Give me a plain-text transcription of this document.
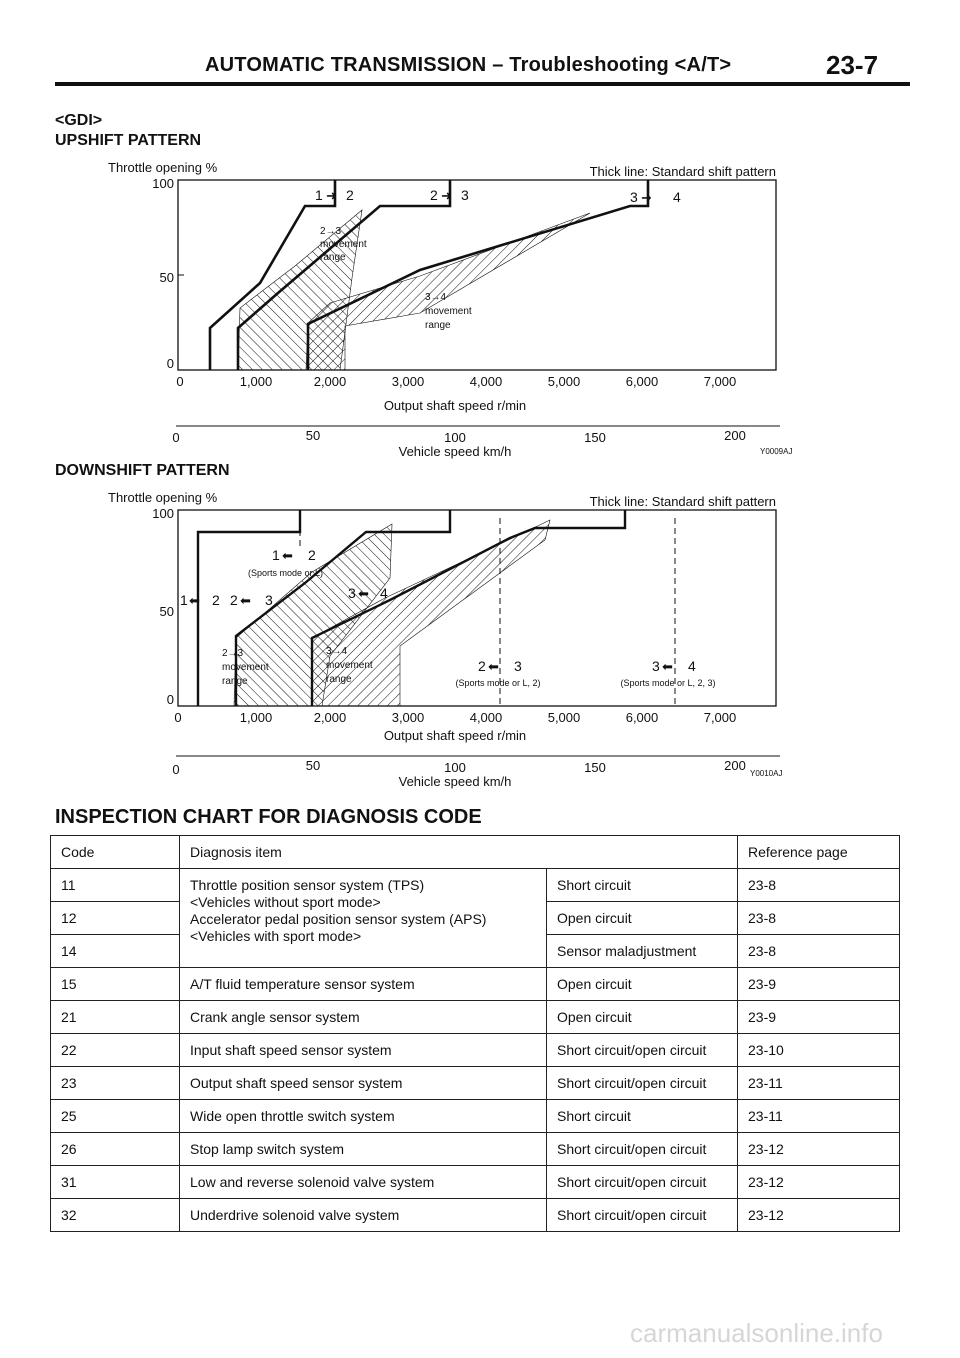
AUTOMATIC TRANSMISSION – Troubleshooting <A/T>	23-7
<GDI>
UPSHIFT PATTERN
Throttle opening %	Thick line: Standard shift pattern
100
50
0
1 ➜ 2	2 ➜ 3	3 ➜ 4
2→3
movement
range
3→4
movement
range
0	1,000	2,000	3,000	4,000	5,000	6,000	7,000
Output shaft speed r/min
0	50	100	150	200
Vehicle speed km/h	Y0009AJ
DOWNSHIFT PATTERN
Throttle opening %	Thick line: Standard shift pattern
100
50
0
1 ⬅ 2
(Sports mode or L)
1 ⬅ 2 2 ⬅ 3	3 ⬅ 4
2→3
movement
range
3→4
movement
range
2 ⬅ 3
(Sports mode or L, 2)
3 ⬅ 4
(Sports mode or L, 2, 3)
0	1,000	2,000	3,000	4,000	5,000	6,000	7,000
Output shaft speed r/min
0	50	100	150	200
Vehicle speed km/h
Y0010AJ
INSPECTION CHART FOR DIAGNOSIS CODE
Code	Diagnosis item		Reference page
11	Throttle position sensor system (TPS)
<Vehicles without sport mode>
Accelerator pedal position sensor system (APS)
<Vehicles with sport mode>	Short circuit	23-8
12		Open circuit	23-8
14		Sensor maladjustment	23-8
15	A/T fluid temperature sensor system	Open circuit	23-9
21	Crank angle sensor system	Open circuit	23-9
22	Input shaft speed sensor system	Short circuit/open circuit	23-10
23	Output shaft speed sensor system	Short circuit/open circuit	23-11
25	Wide open throttle switch system	Short circuit	23-11
26	Stop lamp switch system	Short circuit/open circuit	23-12
31	Low and reverse solenoid valve system	Short circuit/open circuit	23-12
32	Underdrive solenoid valve system	Short circuit/open circuit	23-12
carmanualsonline.info
